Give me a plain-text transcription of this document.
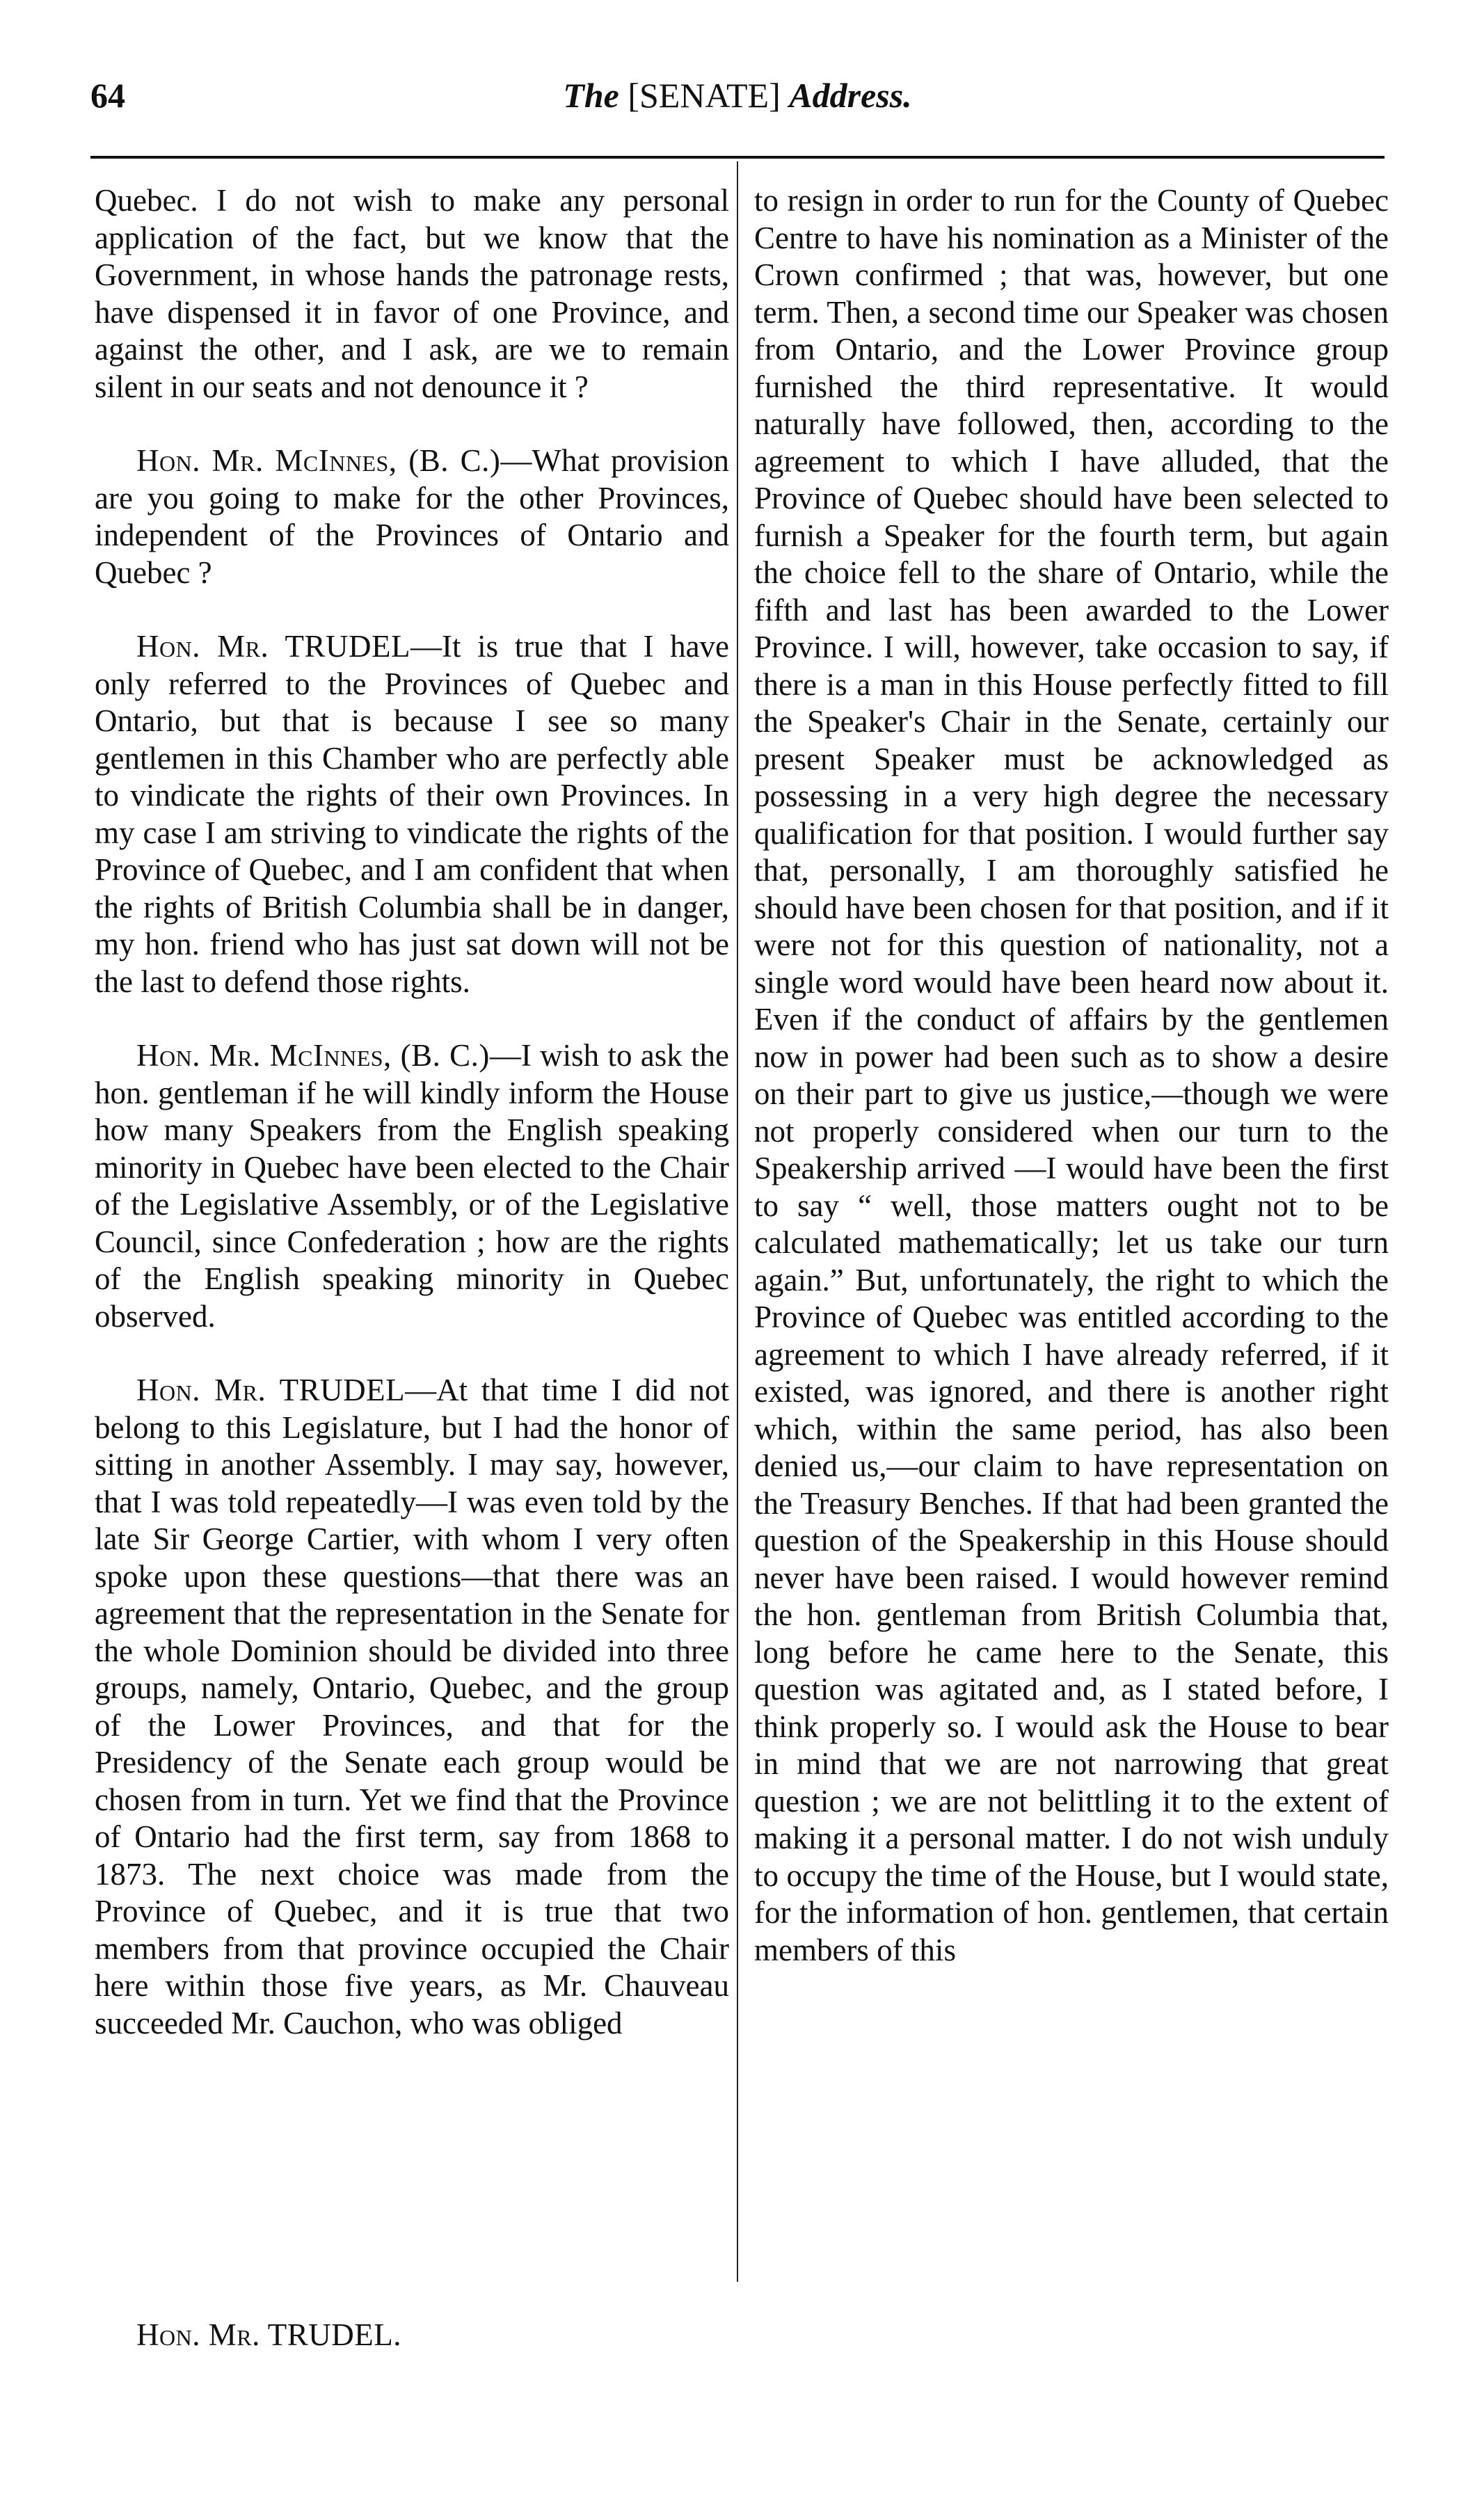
64	The [SENATE] Address.

Quebec. I do not wish to make any personal application of the fact, but we know that the Government, in whose hands the patronage rests, have dispensed it in favor of one Province, and against the other, and I ask, are we to remain silent in our seats and not denounce it ?

Hon. Mr. McInnes, (B. C.)—What provision are you going to make for the other Provinces, independent of the Provinces of Ontario and Quebec ?

Hon. Mr. TRUDEL—It is true that I have only referred to the Provinces of Quebec and Ontario, but that is because I see so many gentlemen in this Chamber who are perfectly able to vindicate the rights of their own Provinces. In my case I am striving to vindicate the rights of the Province of Quebec, and I am confident that when the rights of British Columbia shall be in danger, my hon. friend who has just sat down will not be the last to defend those rights.

Hon. Mr. McInnes, (B. C.)—I wish to ask the hon. gentleman if he will kindly inform the House how many Speakers from the English speaking minority in Quebec have been elected to the Chair of the Legislative Assembly, or of the Legislative Council, since Confederation ; how are the rights of the English speaking minority in Quebec observed.

Hon. Mr. TRUDEL—At that time I did not belong to this Legislature, but I had the honor of sitting in another Assembly. I may say, however, that I was told repeatedly—I was even told by the late Sir George Cartier, with whom I very often spoke upon these questions—that there was an agreement that the representation in the Senate for the whole Dominion should be divided into three groups, namely, Ontario, Quebec, and the group of the Lower Provinces, and that for the Presidency of the Senate each group would be chosen from in turn. Yet we find that the Province of Ontario had the first term, say from 1868 to 1873. The next choice was made from the Province of Quebec, and it is true that two members from that province occupied the Chair here within those five years, as Mr. Chauveau succeeded Mr. Cauchon, who was obliged

to resign in order to run for the County of Quebec Centre to have his nomination as a Minister of the Crown confirmed ; that was, however, but one term. Then, a second time our Speaker was chosen from Ontario, and the Lower Province group furnished the third representative. It would naturally have followed, then, according to the agreement to which I have alluded, that the Province of Quebec should have been selected to furnish a Speaker for the fourth term, but again the choice fell to the share of Ontario, while the fifth and last has been awarded to the Lower Province. I will, however, take occasion to say, if there is a man in this House perfectly fitted to fill the Speaker's Chair in the Senate, certainly our present Speaker must be acknowledged as possessing in a very high degree the necessary qualification for that position. I would further say that, personally, I am thoroughly satisfied he should have been chosen for that position, and if it were not for this question of nationality, not a single word would have been heard now about it. Even if the conduct of affairs by the gentlemen now in power had been such as to show a desire on their part to give us justice,—though we were not properly considered when our turn to the Speakership arrived —I would have been the first to say “ well, those matters ought not to be calculated mathematically; let us take our turn again.” But, unfortunately, the right to which the Province of Quebec was entitled according to the agreement to which I have already referred, if it existed, was ignored, and there is another right which, within the same period, has also been denied us,—our claim to have representation on the Treasury Benches. If that had been granted the question of the Speakership in this House should never have been raised. I would however remind the hon. gentleman from British Columbia that, long before he came here to the Senate, this question was agitated and, as I stated before, I think properly so. I would ask the House to bear in mind that we are not narrowing that great question ; we are not belittling it to the extent of making it a personal matter. I do not wish unduly to occupy the time of the House, but I would state, for the information of hon. gentlemen, that certain members of this

Hon. Mr. TRUDEL.
